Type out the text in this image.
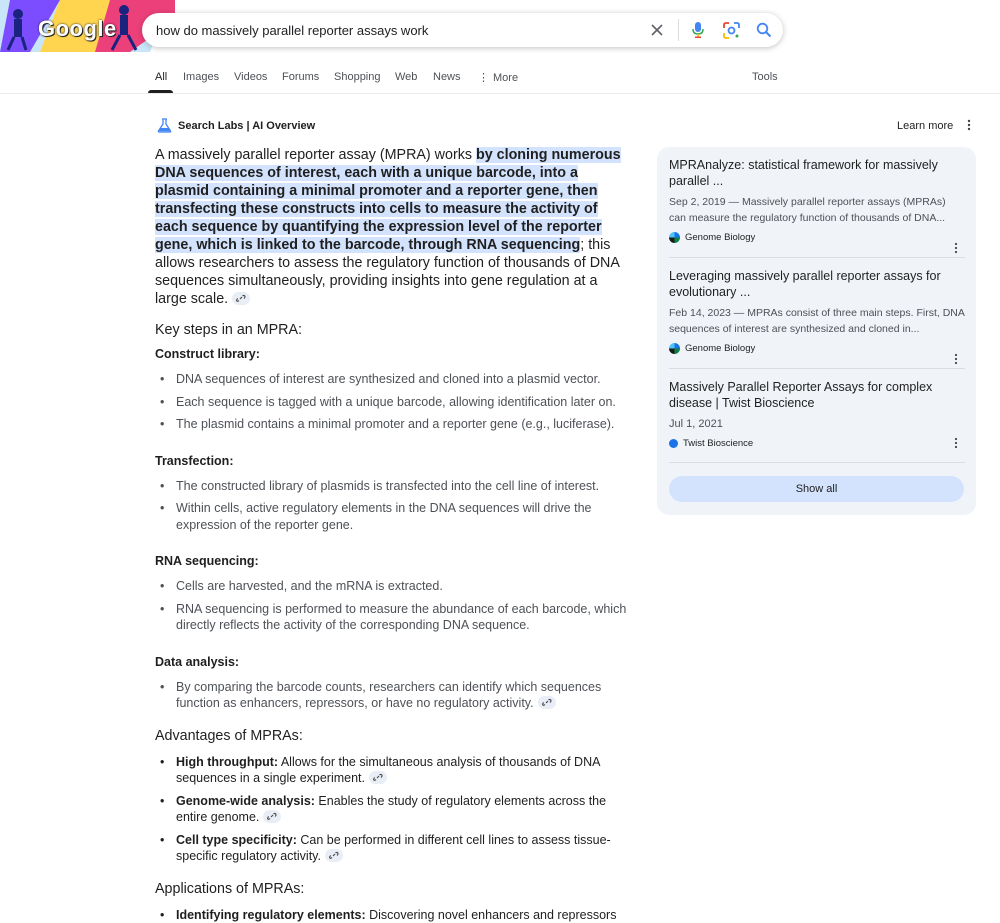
Google	how do massively parallel reporter assays work
All Images Videos Forums Shopping Web News ⋮ More	Tools
Search Labs | AI Overview	Learn more

A massively parallel reporter assay (MPRA) works by cloning numerous DNA sequences of interest, each with a unique barcode, into a plasmid containing a minimal promoter and a reporter gene, then transfecting these constructs into cells to measure the activity of each sequence by quantifying the expression level of the reporter gene, which is linked to the barcode, through RNA sequencing; this allows researchers to assess the regulatory function of thousands of DNA sequences simultaneously, providing insights into gene regulation at a large scale.

Key steps in an MPRA:
Construct library:
• DNA sequences of interest are synthesized and cloned into a plasmid vector.
• Each sequence is tagged with a unique barcode, allowing identification later on.
• The plasmid contains a minimal promoter and a reporter gene (e.g., luciferase).
Transfection:
• The constructed library of plasmids is transfected into the cell line of interest.
• Within cells, active regulatory elements in the DNA sequences will drive the expression of the reporter gene.
RNA sequencing:
• Cells are harvested, and the mRNA is extracted.
• RNA sequencing is performed to measure the abundance of each barcode, which directly reflects the activity of the corresponding DNA sequence.
Data analysis:
• By comparing the barcode counts, researchers can identify which sequences function as enhancers, repressors, or have no regulatory activity.
Advantages of MPRAs:
• High throughput: Allows for the simultaneous analysis of thousands of DNA sequences in a single experiment.
• Genome-wide analysis: Enables the study of regulatory elements across the entire genome.
• Cell type specificity: Can be performed in different cell lines to assess tissue-specific regulatory activity.
Applications of MPRAs:
• Identifying regulatory elements: Discovering novel enhancers and repressors
MPRAnalyze: statistical framework for massively parallel ...
Sep 2, 2019 — Massively parallel reporter assays (MPRAs) can measure the regulatory function of thousands of DNA...
Genome Biology
Leveraging massively parallel reporter assays for evolutionary ...
Feb 14, 2023 — MPRAs consist of three main steps. First, DNA sequences of interest are synthesized and cloned in...
Genome Biology
Massively Parallel Reporter Assays for complex disease | Twist Bioscience
Jul 1, 2021
Twist Bioscience
Show all
